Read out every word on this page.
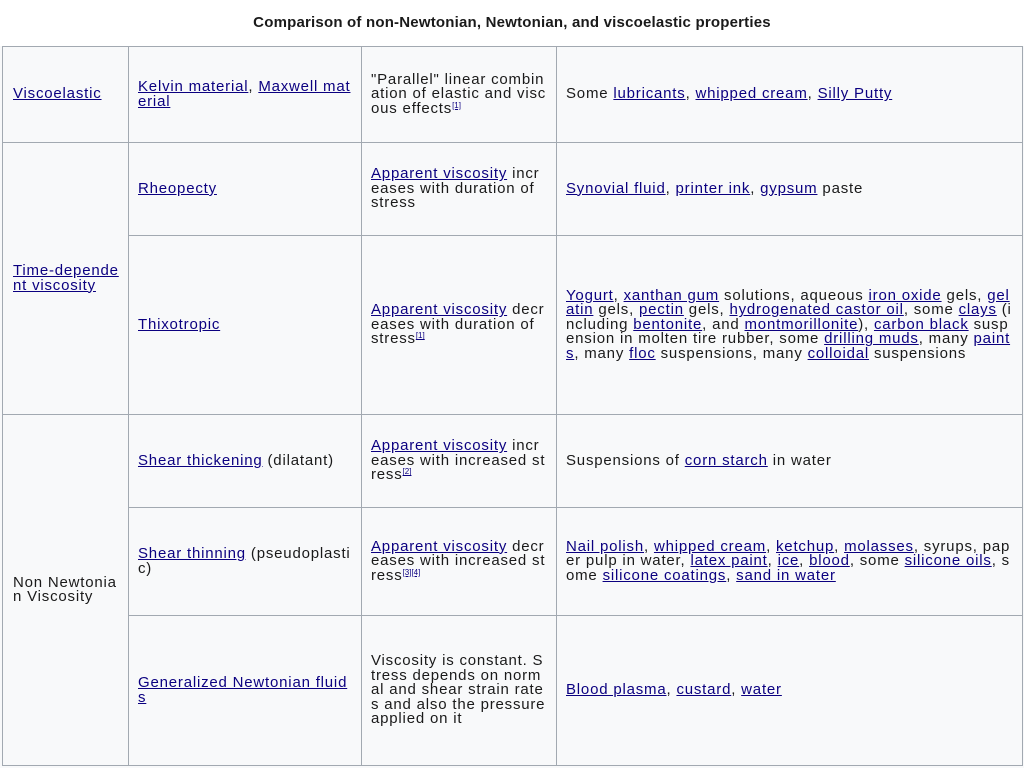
Comparison of non-Newtonian, Newtonian, and viscoelastic properties
Viscoelastic	Kelvin material, Maxwell material	"Parallel" linear combination of elastic and viscous effects[1]	Some lubricants, whipped cream, Silly Putty
Time-dependent viscosity	Rheopecty	Apparent viscosity increases with duration of stress	Synovial fluid, printer ink, gypsum paste
	Thixotropic	Apparent viscosity decreases with duration of stress[1]	Yogurt, xanthan gum solutions, aqueous iron oxide gels, gelatin gels, pectin gels, hydrogenated castor oil, some clays (including bentonite, and montmorillonite), carbon black suspension in molten tire rubber, some drilling muds, many paints, many floc suspensions, many colloidal suspensions
Non Newtonian Viscosity	Shear thickening (dilatant)	Apparent viscosity increases with increased stress[2]	Suspensions of corn starch in water
	Shear thinning (pseudoplastic)	Apparent viscosity decreases with increased stress[3][4]	Nail polish, whipped cream, ketchup, molasses, syrups, paper pulp in water, latex paint, ice, blood, some silicone oils, some silicone coatings, sand in water
	Generalized Newtonian fluids	Viscosity is constant. Stress depends on normal and shear strain rates and also the pressure applied on it	Blood plasma, custard, water
